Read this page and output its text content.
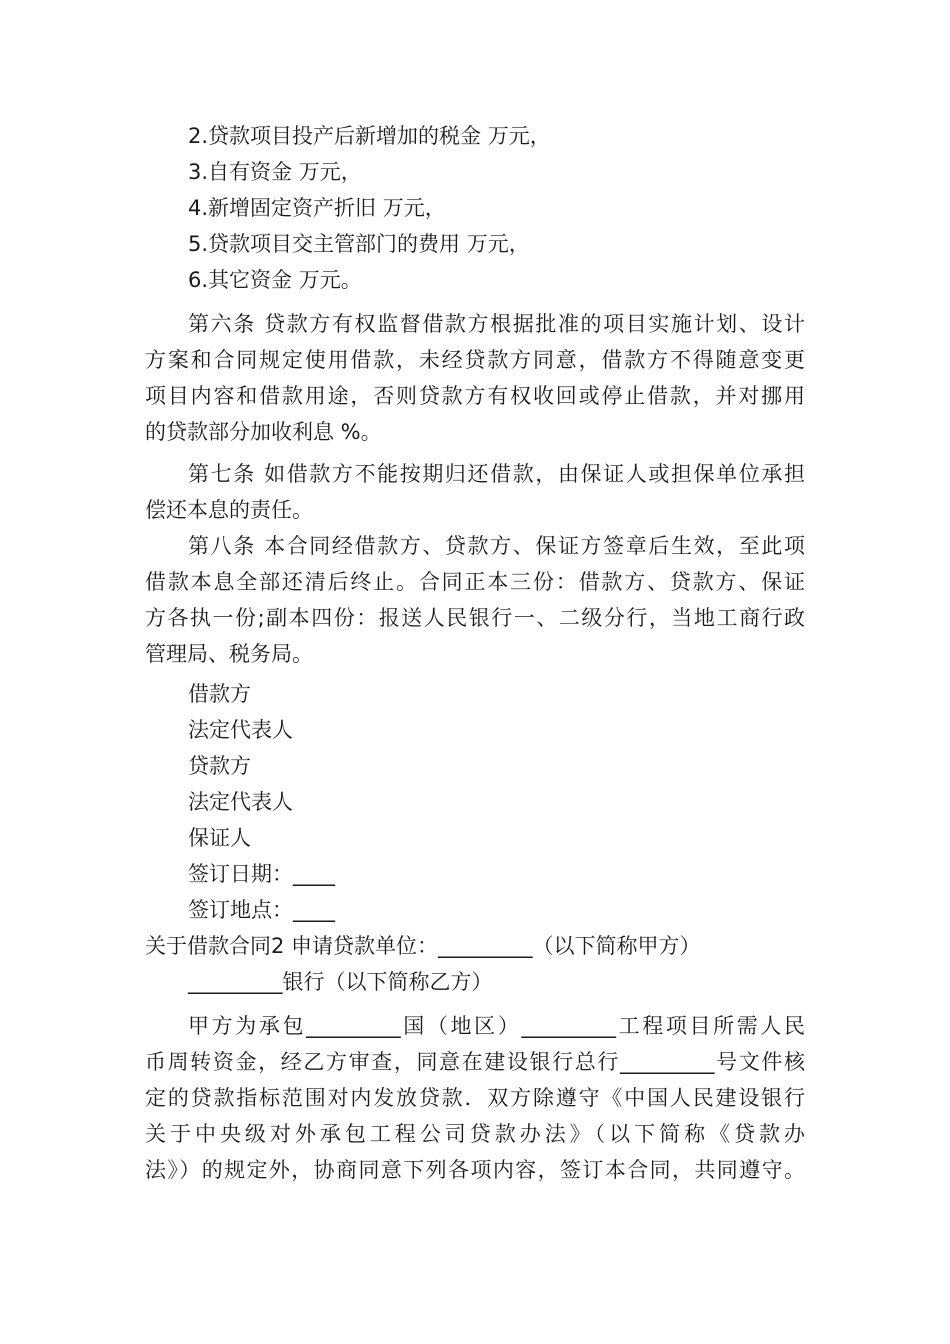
2.贷款项目投产后新增加的税金 万元，
3.自有资金 万元，
4.新增固定资产折旧 万元，
5.贷款项目交主管部门的费用 万元，
6.其它资金 万元。
第六条 贷款方有权监督借款方根据批准的项目实施计划、设计
方案和合同规定使用借款，未经贷款方同意，借款方不得随意变更
项目内容和借款用途，否则贷款方有权收回或停止借款，并对挪用
的贷款部分加收利息 %。
第七条 如借款方不能按期归还借款，由保证人或担保单位承担
偿还本息的责任。
第八条 本合同经借款方、贷款方、保证方签章后生效，至此项
借款本息全部还清后终止。合同正本三份：借款方、贷款方、保证
方各执一份;副本四份：报送人民银行一、二级分行，当地工商行政
管理局、税务局。
借款方
法定代表人
贷款方
法定代表人
保证人
签订日期：____
签订地点：____
关于借款合同2 申请贷款单位：_________（以下简称甲方）
_________银行（以下简称乙方）
甲方为承包_________国（地区）_________工程项目所需人民
币周转资金，经乙方审查，同意在建设银行总行_________号文件核
定的贷款指标范围对内发放贷款．双方除遵守《中国人民建设银行
关于中央级对外承包工程公司贷款办法》（以下简称《贷款办
法》）的规定外，协商同意下列各项内容，签订本合同，共同遵守。
